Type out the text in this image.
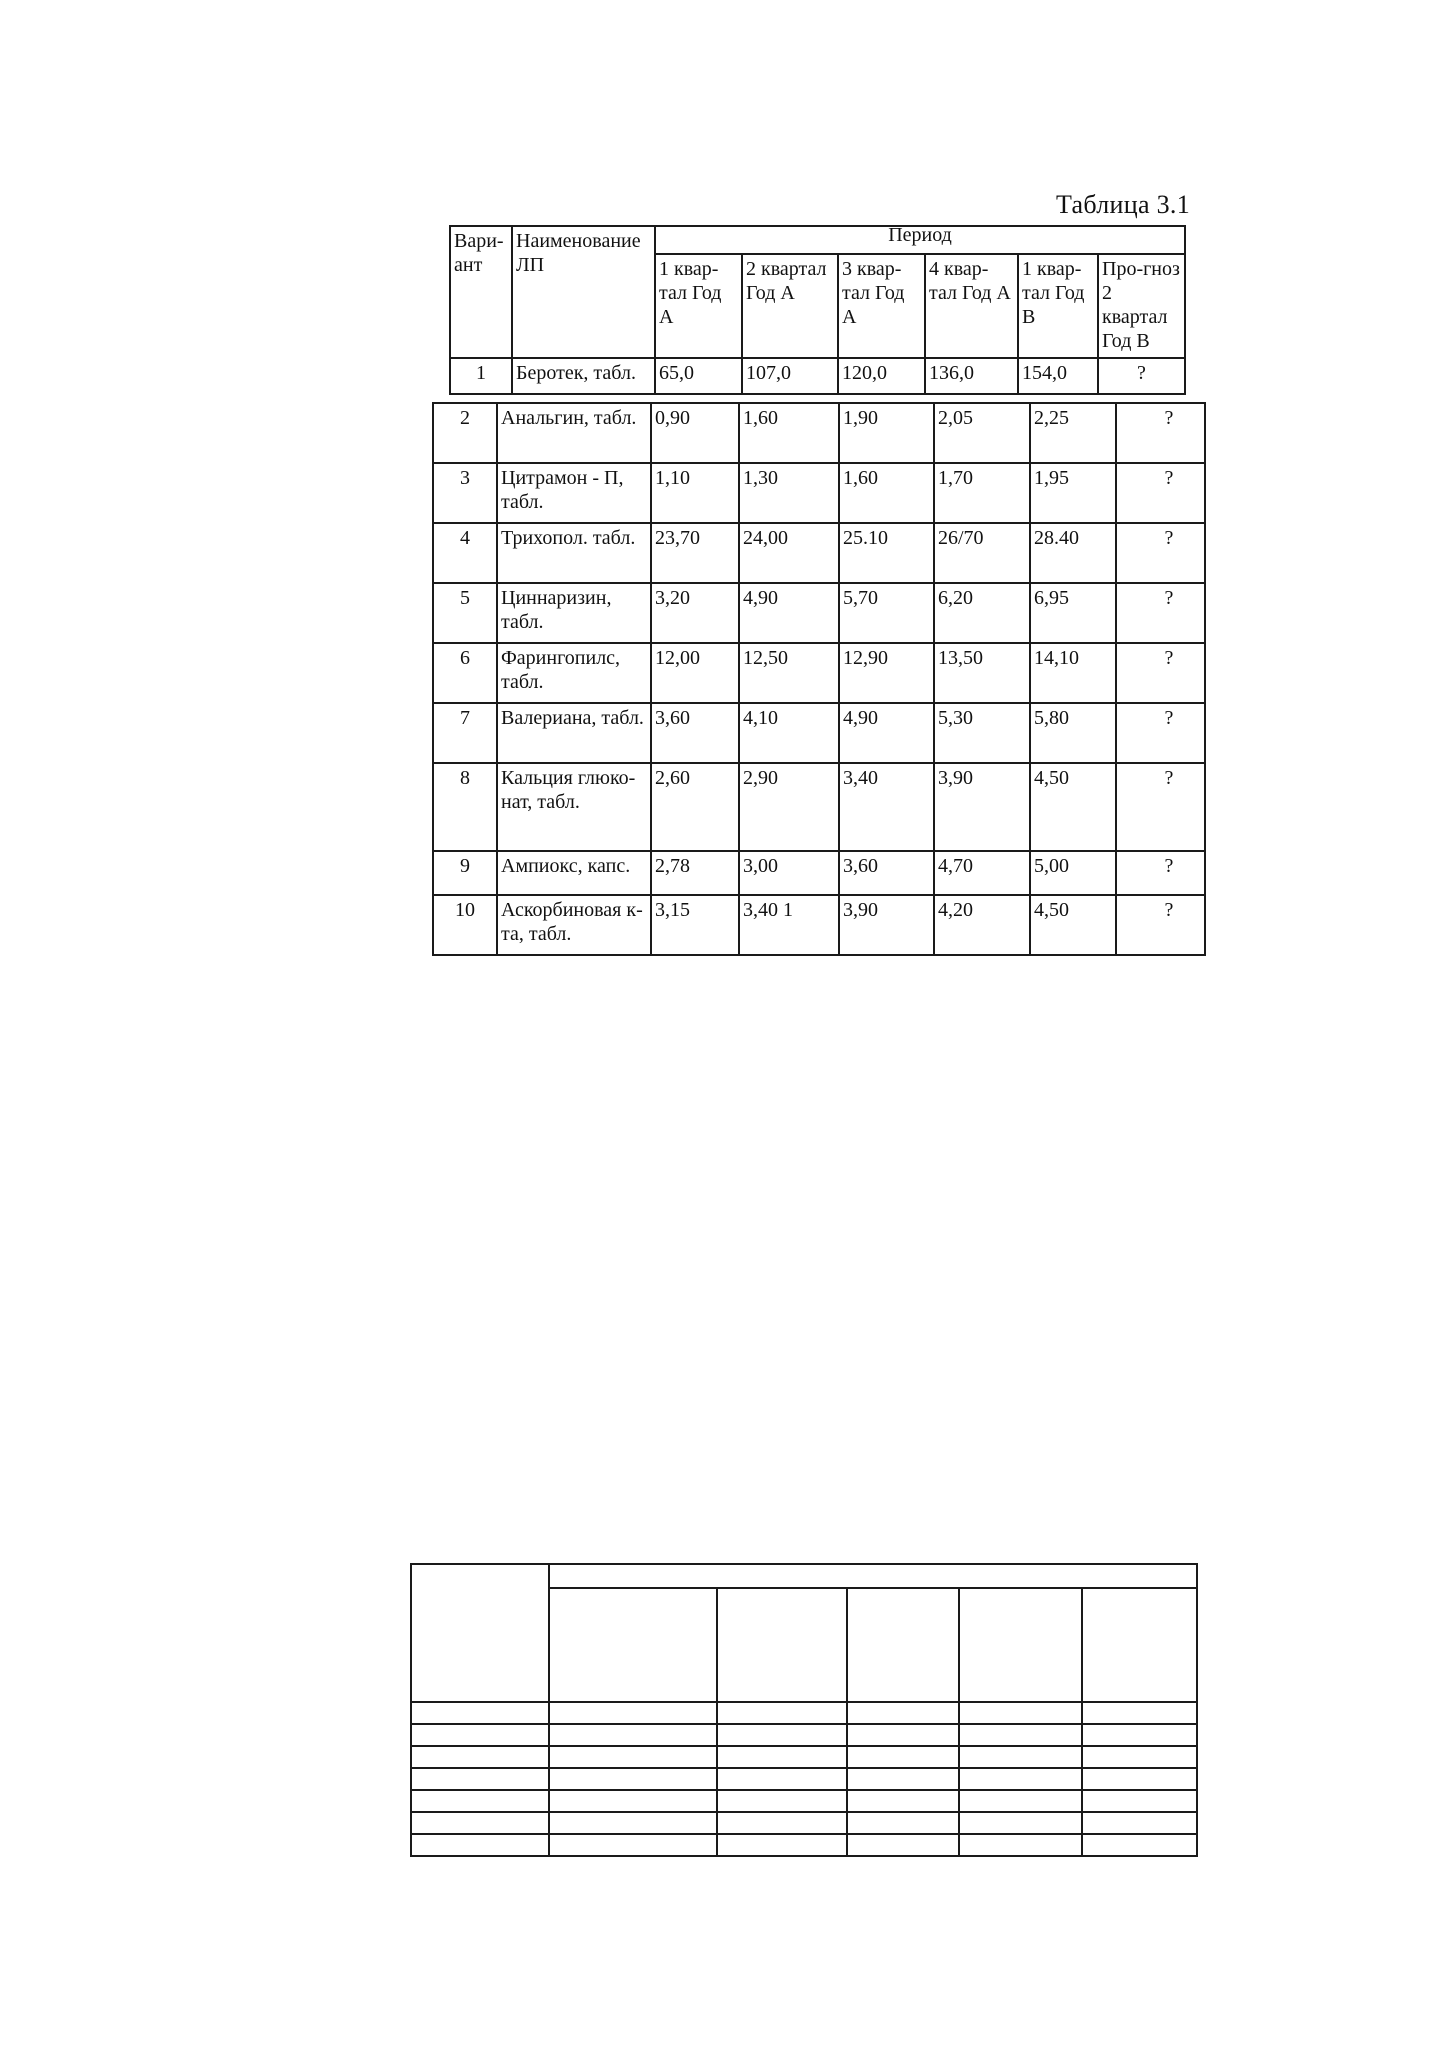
Таблица 3.1
Вари-ант	Наименование ЛП	Период					
		1 квар-тал Год А	2 квартал Год А	3 квар-тал Год А	4 квар-тал Год А	1 квар-тал Год В	Про-гноз 2 квартал Год В
1	Беротек, табл.	65,0	107,0	120,0	136,0	154,0	?
2	Анальгин, табл.	0,90	1,60	1,90	2,05	2,25	?
3	Цитрамон - П, табл.	1,10	1,30	1,60	1,70	1,95	?
4	Трихопол. табл.	23,70	24,00	25.10	26/70	28.40	?
5	Циннаризин, табл.	3,20	4,90	5,70	6,20	6,95	?
6	Фарингопилс, табл.	12,00	12,50	12,90	13,50	14,10	?
7	Валериана, табл.	3,60	4,10	4,90	5,30	5,80	?
8	Кальция глюко-нат, табл.	2,60	2,90	3,40	3,90	4,50	?
9	Ампиокс, капс.	2,78	3,00	3,60	4,70	5,00	?
10	Аскорбиновая к-та, табл.	3,15	3,40 1	3,90	4,20	4,50	?
